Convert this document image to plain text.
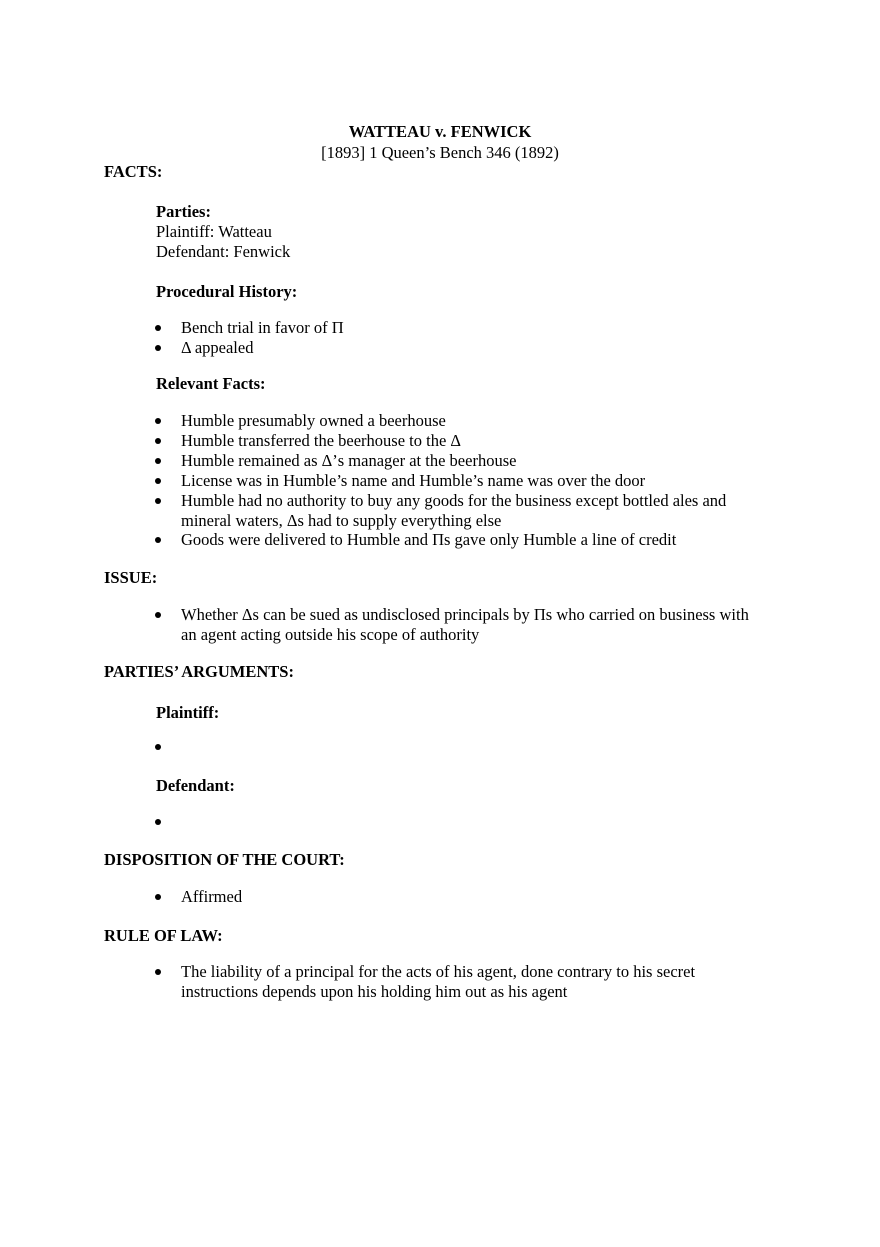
WATTEAU v. FENWICK
[1893] 1 Queen’s Bench 346 (1892)
FACTS:
Parties:
Plaintiff: Watteau
Defendant: Fenwick
Procedural History:
Bench trial in favor of Π
Δ appealed
Relevant Facts:
Humble presumably owned a beerhouse
Humble transferred the beerhouse to the Δ
Humble remained as Δ’s manager at the beerhouse
License was in Humble’s name and Humble’s name was over the door
Humble had no authority to buy any goods for the business except bottled ales and
mineral waters, Δs had to supply everything else
Goods were delivered to Humble and Πs gave only Humble a line of credit
ISSUE:
Whether Δs can be sued as undisclosed principals by Πs who carried on business with
an agent acting outside his scope of authority
PARTIES’ ARGUMENTS:
Plaintiff:
Defendant:
DISPOSITION OF THE COURT:
Affirmed
RULE OF LAW:
The liability of a principal for the acts of his agent, done contrary to his secret
instructions depends upon his holding him out as his agent
